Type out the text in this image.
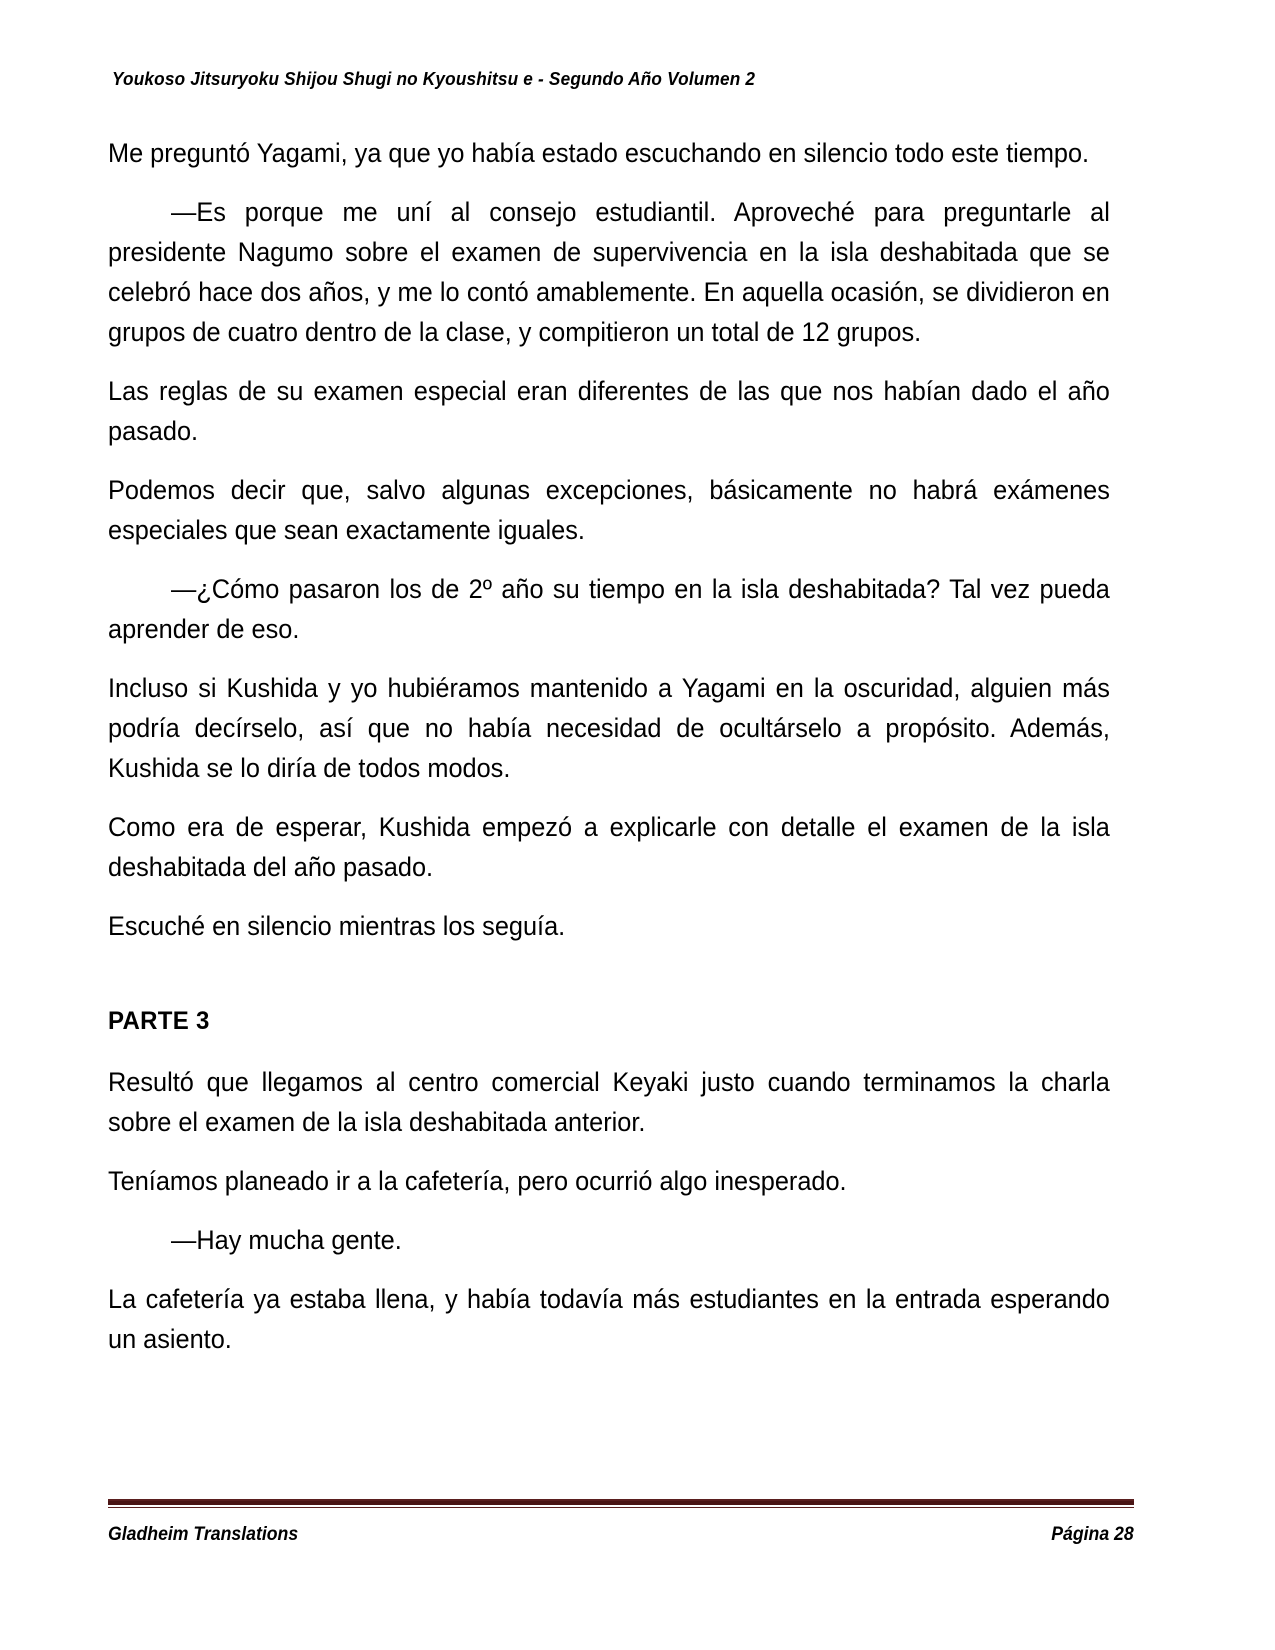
Youkoso Jitsuryoku Shijou Shugi no Kyoushitsu e - Segundo Año Volumen 2

Me preguntó Yagami, ya que yo había estado escuchando en silencio todo este tiempo.

—Es porque me uní al consejo estudiantil. Aproveché para preguntarle al presidente Nagumo sobre el examen de supervivencia en la isla deshabitada que se celebró hace dos años, y me lo contó amablemente. En aquella ocasión, se dividieron en grupos de cuatro dentro de la clase, y compitieron un total de 12 grupos.

Las reglas de su examen especial eran diferentes de las que nos habían dado el año pasado.

Podemos decir que, salvo algunas excepciones, básicamente no habrá exámenes especiales que sean exactamente iguales.

—¿Cómo pasaron los de 2º año su tiempo en la isla deshabitada? Tal vez pueda aprender de eso.

Incluso si Kushida y yo hubiéramos mantenido a Yagami en la oscuridad, alguien más podría decírselo, así que no había necesidad de ocultárselo a propósito. Además, Kushida se lo diría de todos modos.

Como era de esperar, Kushida empezó a explicarle con detalle el examen de la isla deshabitada del año pasado.

Escuché en silencio mientras los seguía.

PARTE 3

Resultó que llegamos al centro comercial Keyaki justo cuando terminamos la charla sobre el examen de la isla deshabitada anterior.

Teníamos planeado ir a la cafetería, pero ocurrió algo inesperado.

—Hay mucha gente.

La cafetería ya estaba llena, y había todavía más estudiantes en la entrada esperando un asiento.

Gladheim Translations	Página 28
